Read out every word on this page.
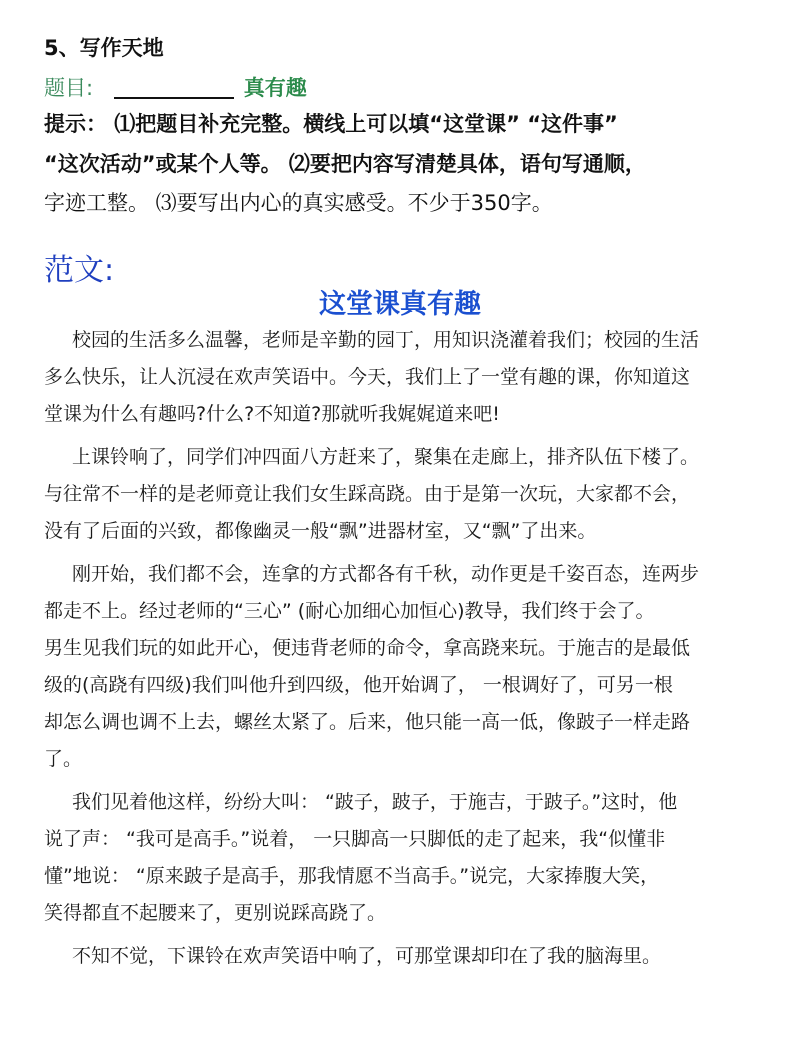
5、写作天地
题目:	真有趣
提示： ⑴把题目补充完整。横线上可以填“这堂课” “这件事”
“这次活动”或某个人等。 ⑵要把内容写清楚具体，语句写通顺，
字迹工整。 ⑶要写出内心的真实感受。不少于350字。
范文:
这堂课真有趣
校园的生活多么温馨，老师是辛勤的园丁，用知识浇灌着我们；校园的生活
多么快乐，让人沉浸在欢声笑语中。今天，我们上了一堂有趣的课，你知道这
堂课为什么有趣吗?什么?不知道?那就听我娓娓道来吧!
上课铃响了，同学们冲四面八方赶来了，聚集在走廊上，排齐队伍下楼了。
与往常不一样的是老师竟让我们女生踩高跷。由于是第一次玩，大家都不会，
没有了后面的兴致，都像幽灵一般“飘”进器材室，又“飘”了出来。
刚开始，我们都不会，连拿的方式都各有千秋，动作更是千姿百态，连两步
都走不上。经过老师的“三心” (耐心加细心加恒心)教导，我们终于会了。
男生见我们玩的如此开心，便违背老师的命令，拿高跷来玩。于施吉的是最低
级的(高跷有四级)我们叫他升到四级，他开始调了， 一根调好了，可另一根
却怎么调也调不上去，螺丝太紧了。后来，他只能一高一低，像跛子一样走路
了。
我们见着他这样，纷纷大叫： “跛子，跛子，于施吉，于跛子。”这时，他
说了声： “我可是高手。”说着， 一只脚高一只脚低的走了起来，我“似懂非
懂”地说： “原来跛子是高手，那我情愿不当高手。”说完，大家捧腹大笑，
笑得都直不起腰来了，更别说踩高跷了。
不知不觉，下课铃在欢声笑语中响了，可那堂课却印在了我的脑海里。
